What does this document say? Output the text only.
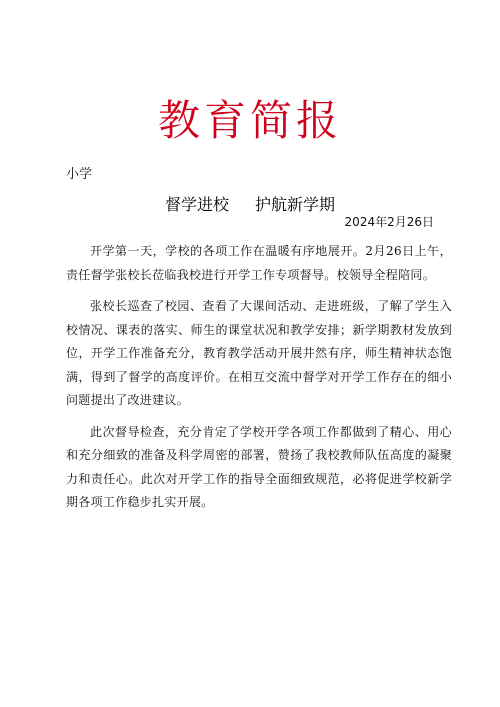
教育简报
小学
督学进校 护航新学期
2024年2月26日

开学第一天，学校的各项工作在温暖有序地展开。2月26日上午，责任督学张校长莅临我校进行开学工作专项督导。校领导全程陪同。

张校长巡查了校园、查看了大课间活动、走进班级，了解了学生入校情况、课表的落实、师生的课堂状况和教学安排；新学期教材发放到位，开学工作准备充分，教育教学活动开展井然有序，师生精神状态饱满，得到了督学的高度评价。在相互交流中督学对开学工作存在的细小问题提出了改进建议。

此次督导检查，充分肯定了学校开学各项工作都做到了精心、用心和充分细致的准备及科学周密的部署，赞扬了我校教师队伍高度的凝聚力和责任心。此次对开学工作的指导全面细致规范，必将促进学校新学期各项工作稳步扎实开展。
